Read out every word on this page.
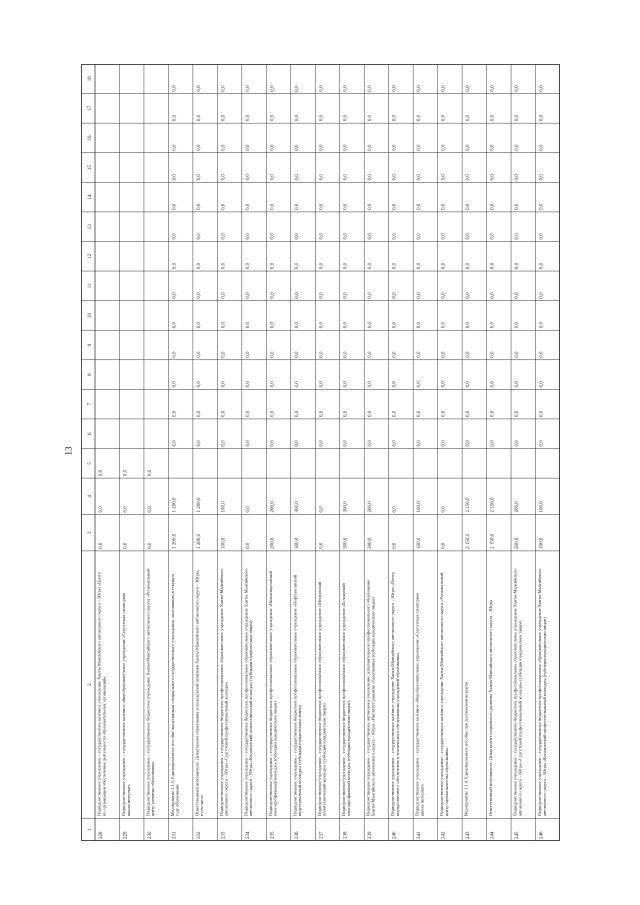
13
1
2
3
4
5
6
7
8
9
10
11
12
13
14
15
16
17
18
228
Подведомственное учреждение – государственное казённое учреждение Ханты-Мансийского автономного округа – Югры «Центрпо организации обеспечения деятельности образовательных организаций»
0,0
0,0
0,0
229
Подведомственное учреждение – государственное казённое общеобразовательное учреждение «Сургутская санаторнаяшкола-интернат»
0,0
0,0
0,0
230
Подведомственное учреждение – государственное бюджетное учреждение Ханты-Мансийского автономного округа «Региональныйцентр развития образования»
0,0
0,0
0,0
231
Мероприятие 1.1.3. Единовременное пособие выпускникам специального государственного учреждения, окончившим в текущемгоду образование
1 200,0
1 200,0
0,0
0,0
0,0
0,0
0,0
0,0
0,0
0,0
0,0
0,0
0,0
0,0
0,0
232
Ответственный исполнитель: Департамент образования и молодёжной политики Ханты-Мансийского автономного округа – Югры,в том числе
1 200,0
1 200,0
0,0
0,0
0,0
0,0
0,0
0,0
0,0
0,0
0,0
0,0
0,0
0,0
0,0
233
Подведомственное учреждение – государственное бюджетное профессиональное образовательное учреждение Ханты-Мансийскогоавтономного округа – Югры «Сургутский профессиональный колледж»
100,0
100,0
0,0
0,0
0,0
0,0
0,0
0,0
0,0
0,0
0,0
0,0
0,0
0,0
0,0
234
Подведомственное учреждение – государственное бюджетное профессиональное образовательное учреждение Ханты-Мансийскогоавтономного округа – Югры «Когалымский политехнический колледж» (субсидии юридическим лицам)
0,0
0,0
0,0
0,0
0,0
0,0
0,0
0,0
0,0
0,0
0,0
0,0
0,0
0,0
0,0
235
Подведомственное учреждение – государственное бюджетное профессиональное образовательное учреждение «Нижневартовскиймногопрофильный колледж» (субсидии юридическим лицам)
200,0
200,0
0,0
0,0
0,0
0,0
0,0
0,0
0,0
0,0
0,0
0,0
0,0
0,0
0,0
236
Подведомственное учреждение – государственное бюджетное профессиональное образовательное учреждение «Нефтеюганскийиндустриальный колледж» (субсидии юридическим лицам)
300,0
300,0
0,0
0,0
0,0
0,0
0,0
0,0
0,0
0,0
0,0
0,0
0,0
0,0
0,0
237
Подведомственное учреждение – государственное бюджетное профессиональное образовательное учреждение «Мегионскийполитехнический колледж» (субсидии юридическим лицам)
0,0
0,0
0,0
0,0
0,0
0,0
0,0
0,0
0,0
0,0
0,0
0,0
0,0
0,0
0,0
238
Подведомственное учреждение – государственное бюджетное профессиональное образовательное учреждение «Белоярскиймногопрофильный колледж» (субсидии юридическим лицам)
300,0
300,0
0,0
0,0
0,0
0,0
0,0
0,0
0,0
0,0
0,0
0,0
0,0
0,0
0,0
239
Подведомственное учреждение – государственное автономное учреждение дополнительного профессионального образованияХанты-Мансийского автономного округа – Югры «Институт развития образования» (субсидии юридическим лицам)
200,0
200,0
0,0
0,0
0,0
0,0
0,0
0,0
0,0
0,0
0,0
0,0
0,0
0,0
0,0
240
Подведомственное учреждение – государственное казённое учреждение Ханты-Мансийского автономного округа – Югры «Центримущественного обеспечения и технического обслуживания учреждений образования»
0,0
0,0
0,0
0,0
0,0
0,0
0,0
0,0
0,0
0,0
0,0
0,0
0,0
0,0
0,0
241
Подведомственное учреждение – государственное казённое общеобразовательное учреждение «Сургутская санаторнаяшкола-интернат»
100,0
100,0
0,0
0,0
0,0
0,0
0,0
0,0
0,0
0,0
0,0
0,0
0,0
0,0
0,0
242
Подведомственное учреждение – государственное казённое учреждение Ханты-Мансийского автономного округа «Региональныйцентр оценки качества образования»
0,0
0,0
0,0
0,0
0,0
0,0
0,0
0,0
0,0
0,0
0,0
0,0
0,0
0,0
0,0
243
Мероприятие 1.1.4. Единовременное пособие при достижении возраста
2 150,0
2 150,0
0,0
0,0
0,0
0,0
0,0
0,0
0,0
0,0
0,0
0,0
0,0
0,0
0,0
244
Ответственный исполнитель: Департамент социального развития Ханты-Мансийского автономного округа – Югры
2 150,0
2 150,0
0,0
0,0
0,0
0,0
0,0
0,0
0,0
0,0
0,0
0,0
0,0
0,0
0,0
245
Подведомственное учреждение – государственное бюджетное профессиональное образовательное учреждение Ханты-Мансийскогоавтономного округа – Югры «Сургутский профессиональный колледж» (субсидии юридическим лицам)
200,0
200,0
0,0
0,0
0,0
0,0
0,0
0,0
0,0
0,0
0,0
0,0
0,0
0,0
0,0
246
Подведомственное учреждение – государственное бюджетное профессиональное образовательное учреждение Ханты-Мансийскогоавтономного округа – Югры «Когалымский профессиональный колледж» (субсидии юридическим лицам)
100,0
100,0
0,0
0,0
0,0
0,0
0,0
0,0
0,0
0,0
0,0
0,0
0,0
0,0
0,0
